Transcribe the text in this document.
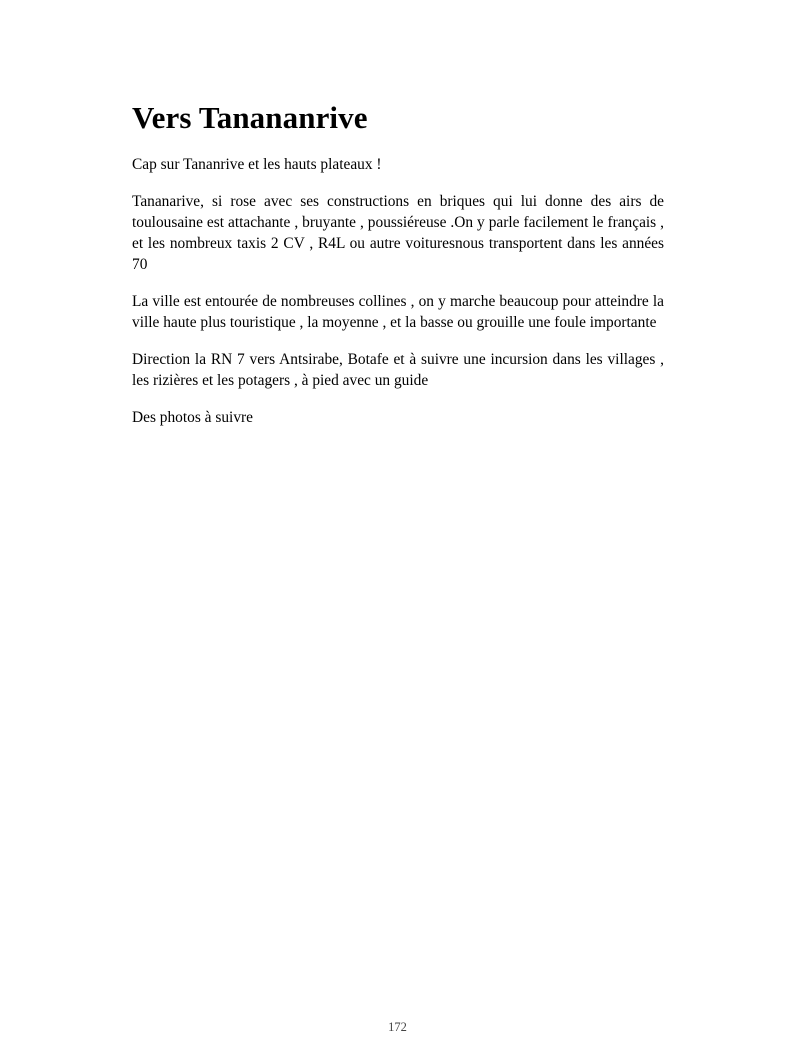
Vers Tanananrive

Cap sur Tananrive et les hauts plateaux !

Tananarive, si rose avec ses constructions en briques qui lui donne des airs de toulousaine est attachante , bruyante , poussiéreuse .On y parle facilement le français , et les nombreux taxis 2 CV , R4L ou autre voituresnous transportent dans les années 70

La ville est entourée de nombreuses collines , on y marche beaucoup pour atteindre la ville haute plus touristique , la moyenne , et la basse ou grouille une foule importante

Direction la RN 7 vers Antsirabe, Botafe et à suivre une incursion dans les villages , les rizières et les potagers , à pied avec un guide

Des photos à suivre

172
